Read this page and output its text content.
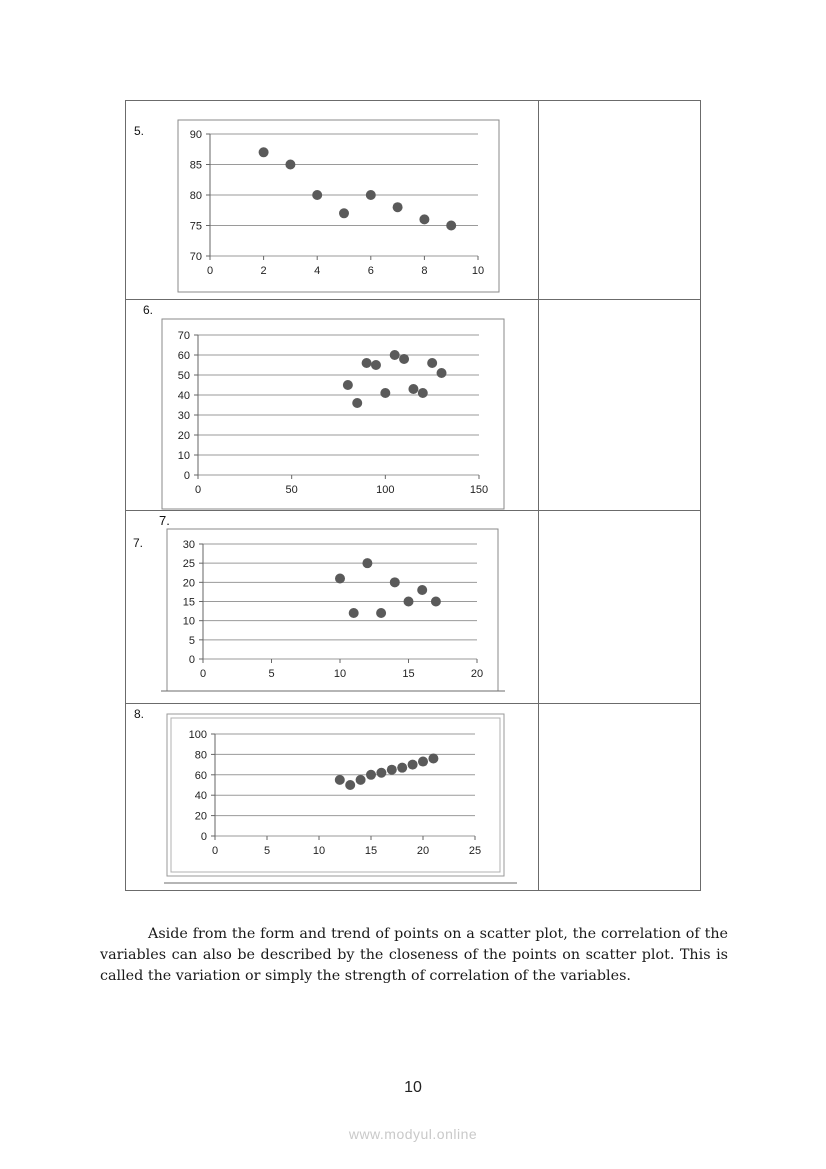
5.
6.
7.
7.
8.
70
75
80
85
90
0	2	4	6	8	10
0
10
20
30
40
50
60
70
0	50	100	150
0
5
10
15
20
25
30
0	5	10	15	20
0
20
40
60
80
100
0	5	10	15	20	25

Aside from the form and trend of points on a scatter plot, the correlation of the variables can also be described by the closeness of the points on scatter plot. This is called the variation or simply the strength of correlation of the variables.

10
www.modyul.online
